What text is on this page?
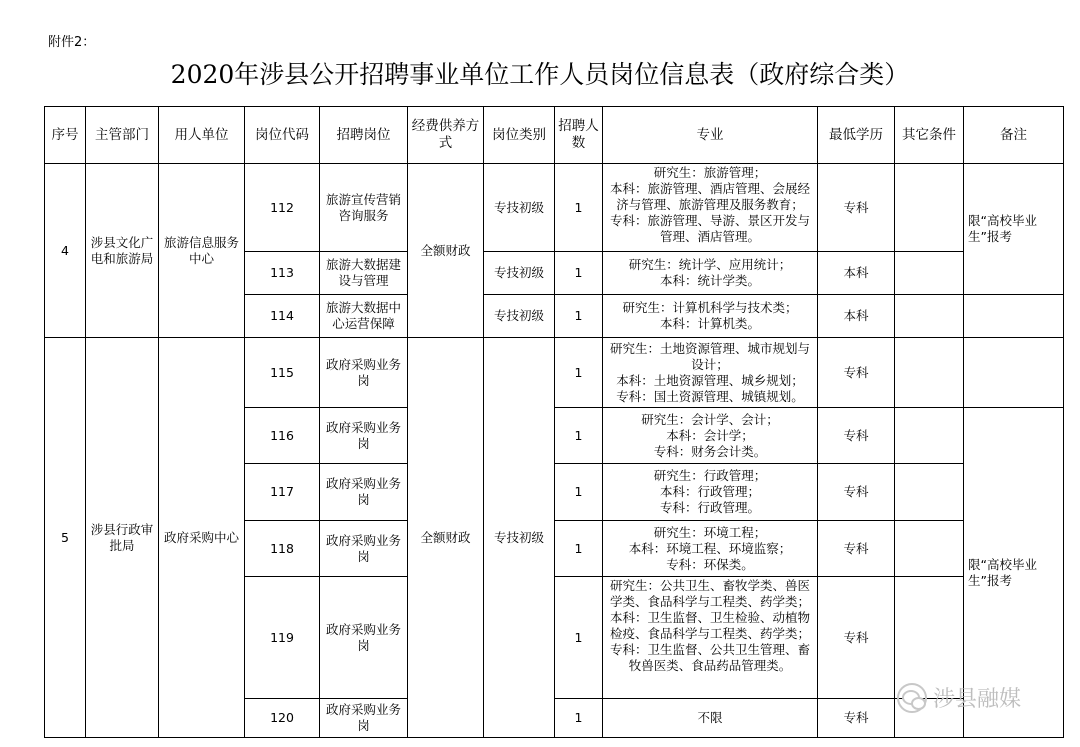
附件2：
2020年涉县公开招聘事业单位工作人员岗位信息表（政府综合类）
序号	主管部门	用人单位	岗位代码	招聘岗位	经费供养方式	岗位类别	招聘人数	专业	最低学历	其它条件	备注
4	涉县文化广电和旅游局	旅游信息服务中心	112	旅游宣传营销咨询服务	全额财政	专技初级	1	研究生：旅游管理；
本科：旅游管理、酒店管理、会展经济与管理、旅游管理及服务教育；
专科：旅游管理、导游、景区开发与管理、酒店管理。	专科		限“高校毕业生”报考
			113	旅游大数据建设与管理		专技初级	1	研究生：统计学、应用统计；
本科：统计学类。	本科		
			114	旅游大数据中心运营保障		专技初级	1	研究生：计算机科学与技术类；
本科：计算机类。	本科		
5	涉县行政审批局	政府采购中心	115	政府采购业务岗	全额财政	专技初级	1	研究生：土地资源管理、城市规划与设计；
本科：土地资源管理、城乡规划；
专科：国土资源管理、城镇规划。	专科		
			116	政府采购业务岗			1	研究生：会计学、会计；
本科：会计学；
专科：财务会计类。	专科		限“高校毕业生”报考
			117	政府采购业务岗			1	研究生：行政管理；
本科：行政管理；
专科：行政管理。	专科		
			118	政府采购业务岗			1	研究生：环境工程；
本科：环境工程、环境监察；
专科：环保类。	专科		
			119	政府采购业务岗			1	研究生：公共卫生、畜牧学类、兽医学类、食品科学与工程类、药学类；
本科：卫生监督、卫生检验、动植物检疫、食品科学与工程类、药学类；
专科：卫生监督、公共卫生管理、畜牧兽医类、食品药品管理类。	专科		
			120	政府采购业务岗			1	不限	专科		
涉县融媒
